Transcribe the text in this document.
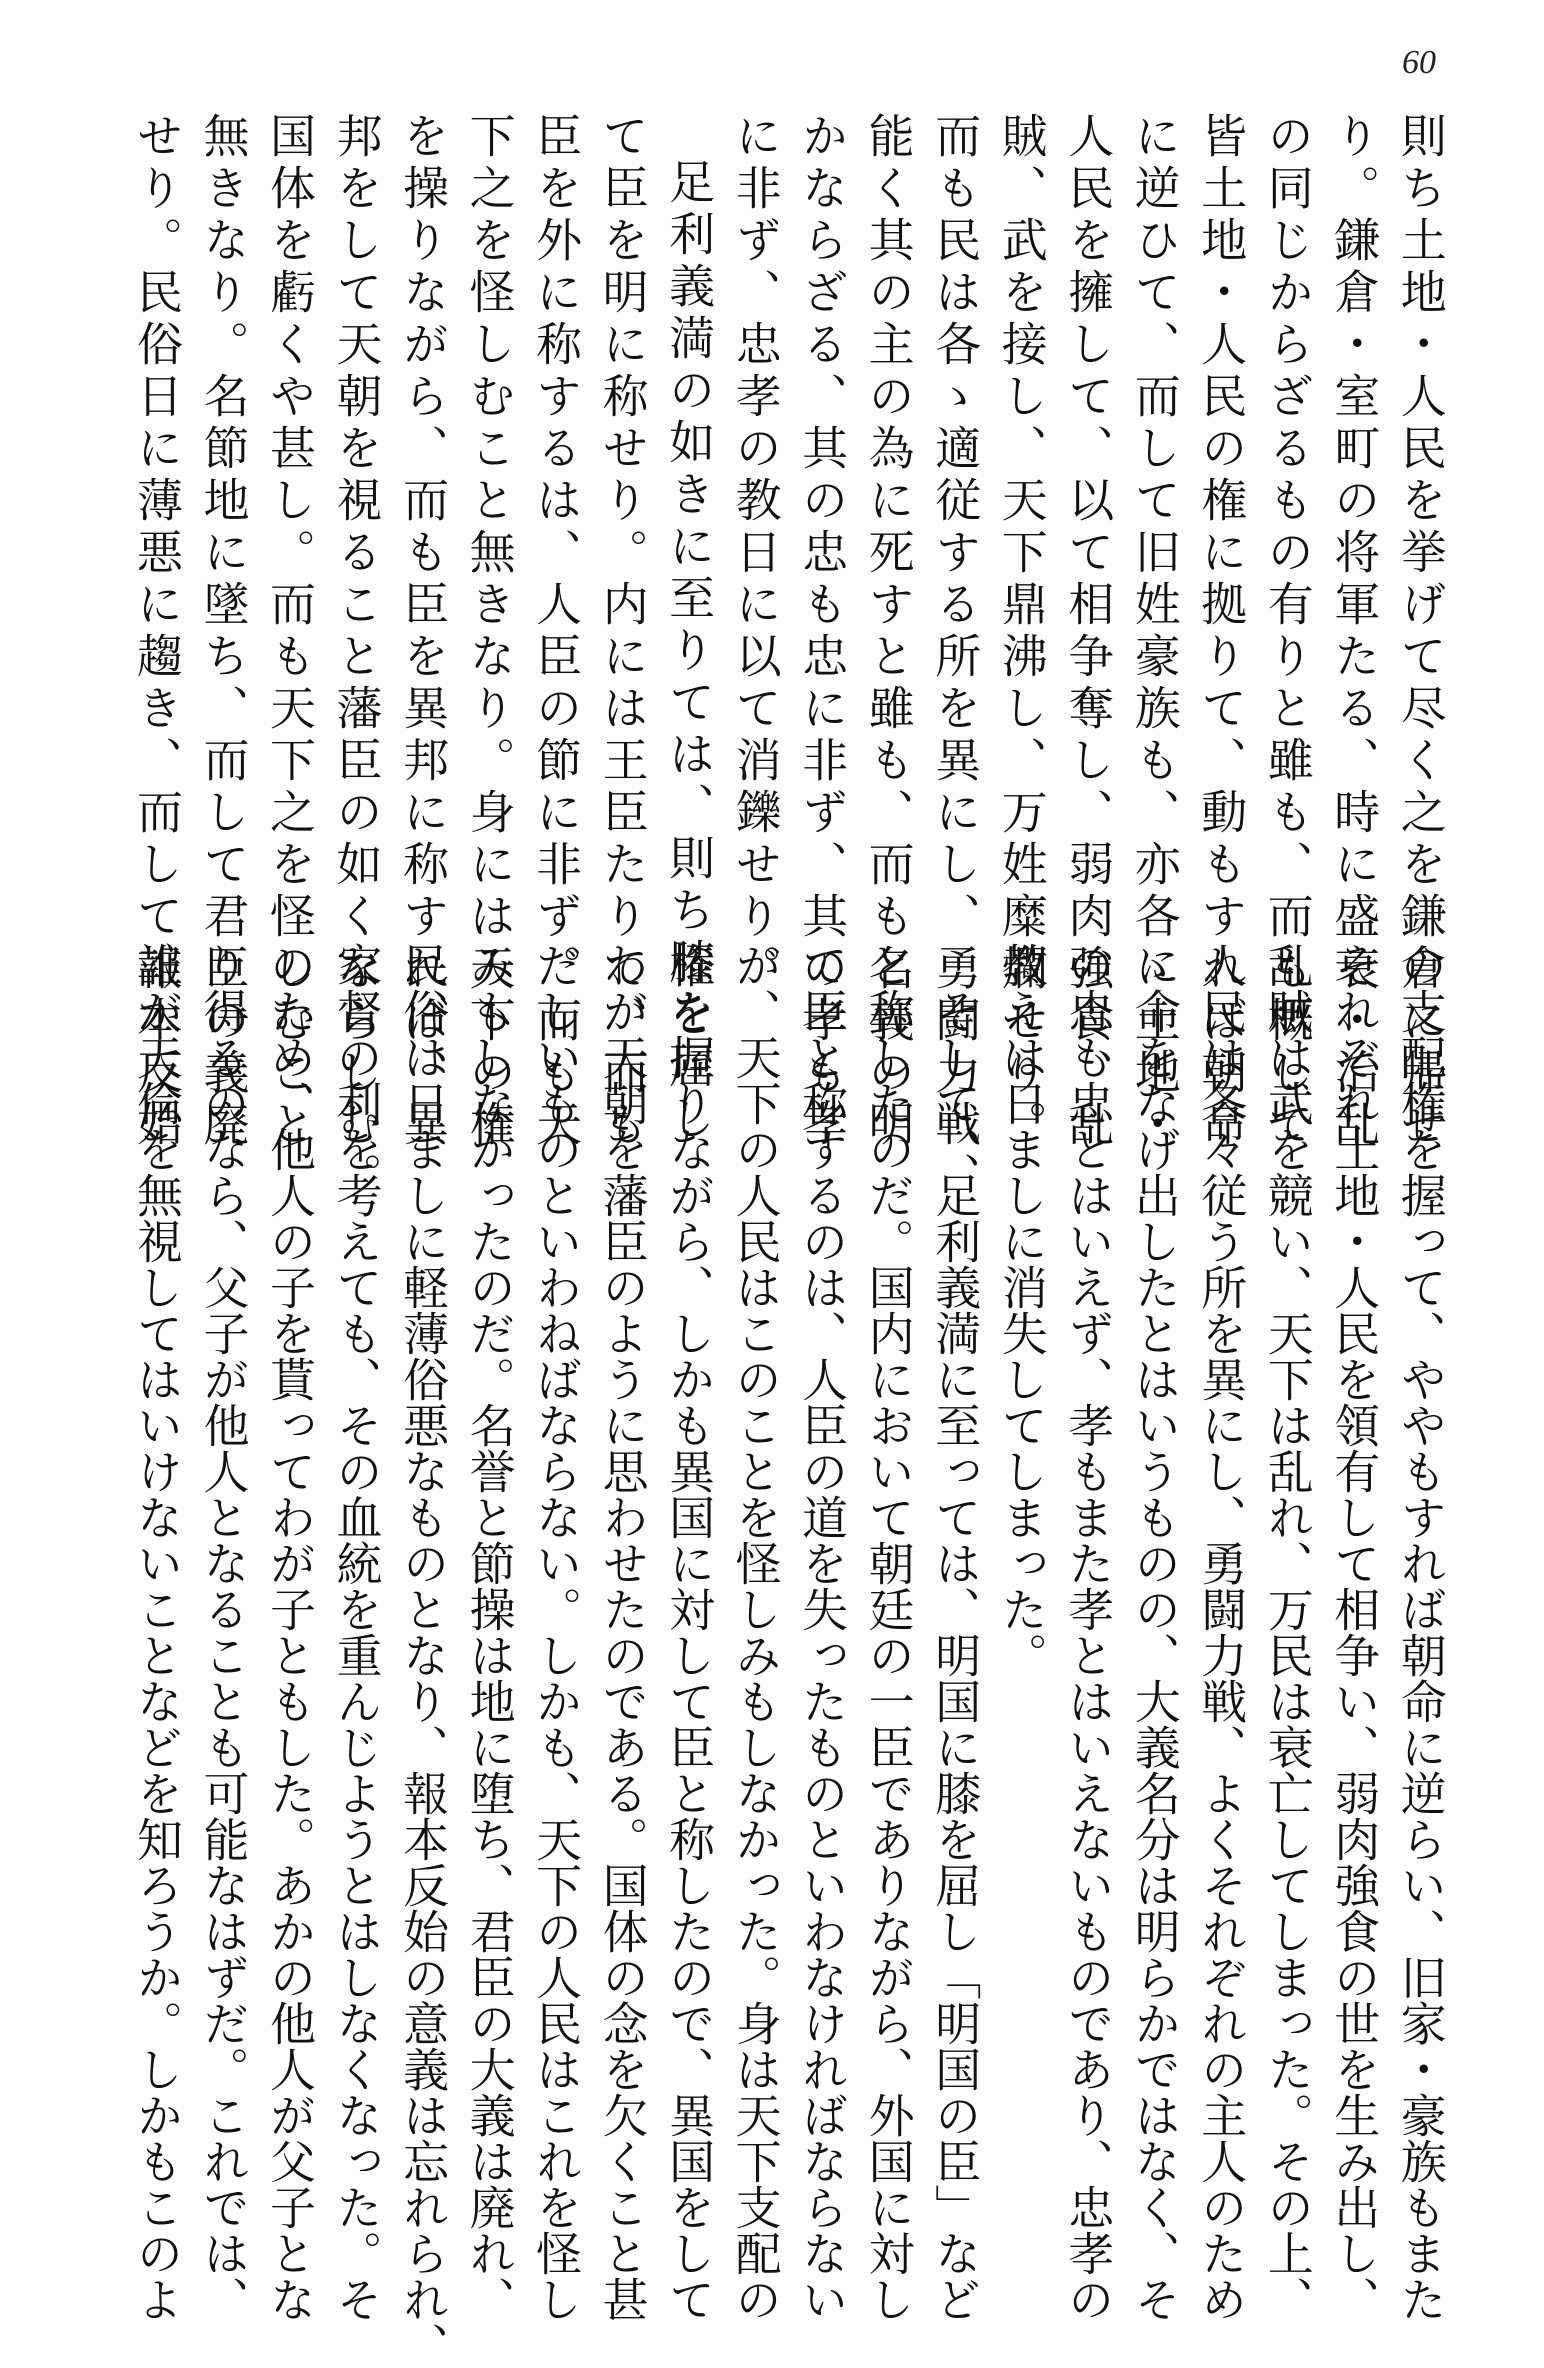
60

則ち土地・人民を挙げて尽く之を鎌倉に帰せ

り。鎌倉・室町の将軍たる、時に盛衰・治乱

の同じからざるもの有りと雖も、而も概して

皆土地・人民の権に拠りて、動もすれば朝命

に逆ひて、而して旧姓豪族も、亦各ゝ土地・

人民を擁して、以て相争奪し、弱肉強食、乱

賊、武を接し、天下鼎沸し、万姓糜爛せり。

而も民は各ゝ適従する所を異にし、勇闘力戦、

能く其の主の為に死すと雖も、而も名義の明

かならざる、其の忠も忠に非ず、其の孝も孝

に非ず、忠孝の教日に以て消鑠せり。

足利義満の如きに至りては、則ち膝を屈し

て臣を明に称せり。内には王臣たりて、而も

臣を外に称するは、人臣の節に非ず。而も天

下之を怪しむこと無きなり。身には天下の権

を操りながら、而も臣を異邦に称すれば、異

邦をして天朝を視ること藩臣の如くならしむ。

国体を虧くや甚し。而も天下之を怪しむこと

無きなり。名節地に墜ち、而して君臣の義廃

せり。民俗日に薄悪に趨き、而して報本反始

の支配権を握って、ややもすれば朝命に逆らい、旧家・豪族もまた

それぞれ土地・人民を領有して相争い、弱肉強食の世を生み出し、

乱賊は武を競い、天下は乱れ、万民は衰亡してしまった。その上、

人民は各々従う所を異にし、勇闘力戦、よくそれぞれの主人のため

に命をなげ出したとはいうものの、大義名分は明らかではなく、そ

の忠も忠とはいえず、孝もまた孝とはいえないものであり、忠孝の

教えは日ましに消失してしまった。

そして、足利義満に至っては、明国に膝を屈し「明国の臣」など

と称したのだ。国内において朝廷の一臣でありながら、外国に対し

て臣と称するのは、人臣の道を失ったものといわなければならない

が、天下の人民はこのことを怪しみもしなかった。身は天下支配の

権を握りながら、しかも異国に対して臣と称したので、異国をして

わが天朝を藩臣のように思わせたのである。国体の念を欠くこと甚

だしいものといわねばならない。しかも、天下の人民はこれを怪し

みもしなかったのだ。名誉と節操は地に堕ち、君臣の大義は廃れ、

民俗は日ましに軽薄俗悪なものとなり、報本反始の意義は忘れられ、

家督の利を考えても、その血統を重んじようとはしなくなった。そ

のため、他人の子を貰ってわが子ともした。あかの他人が父子とな

り得るのなら、父子が他人となることも可能なはずだ。これでは、

誰が天倫を無視してはいけないことなどを知ろうか。しかもこのよ
